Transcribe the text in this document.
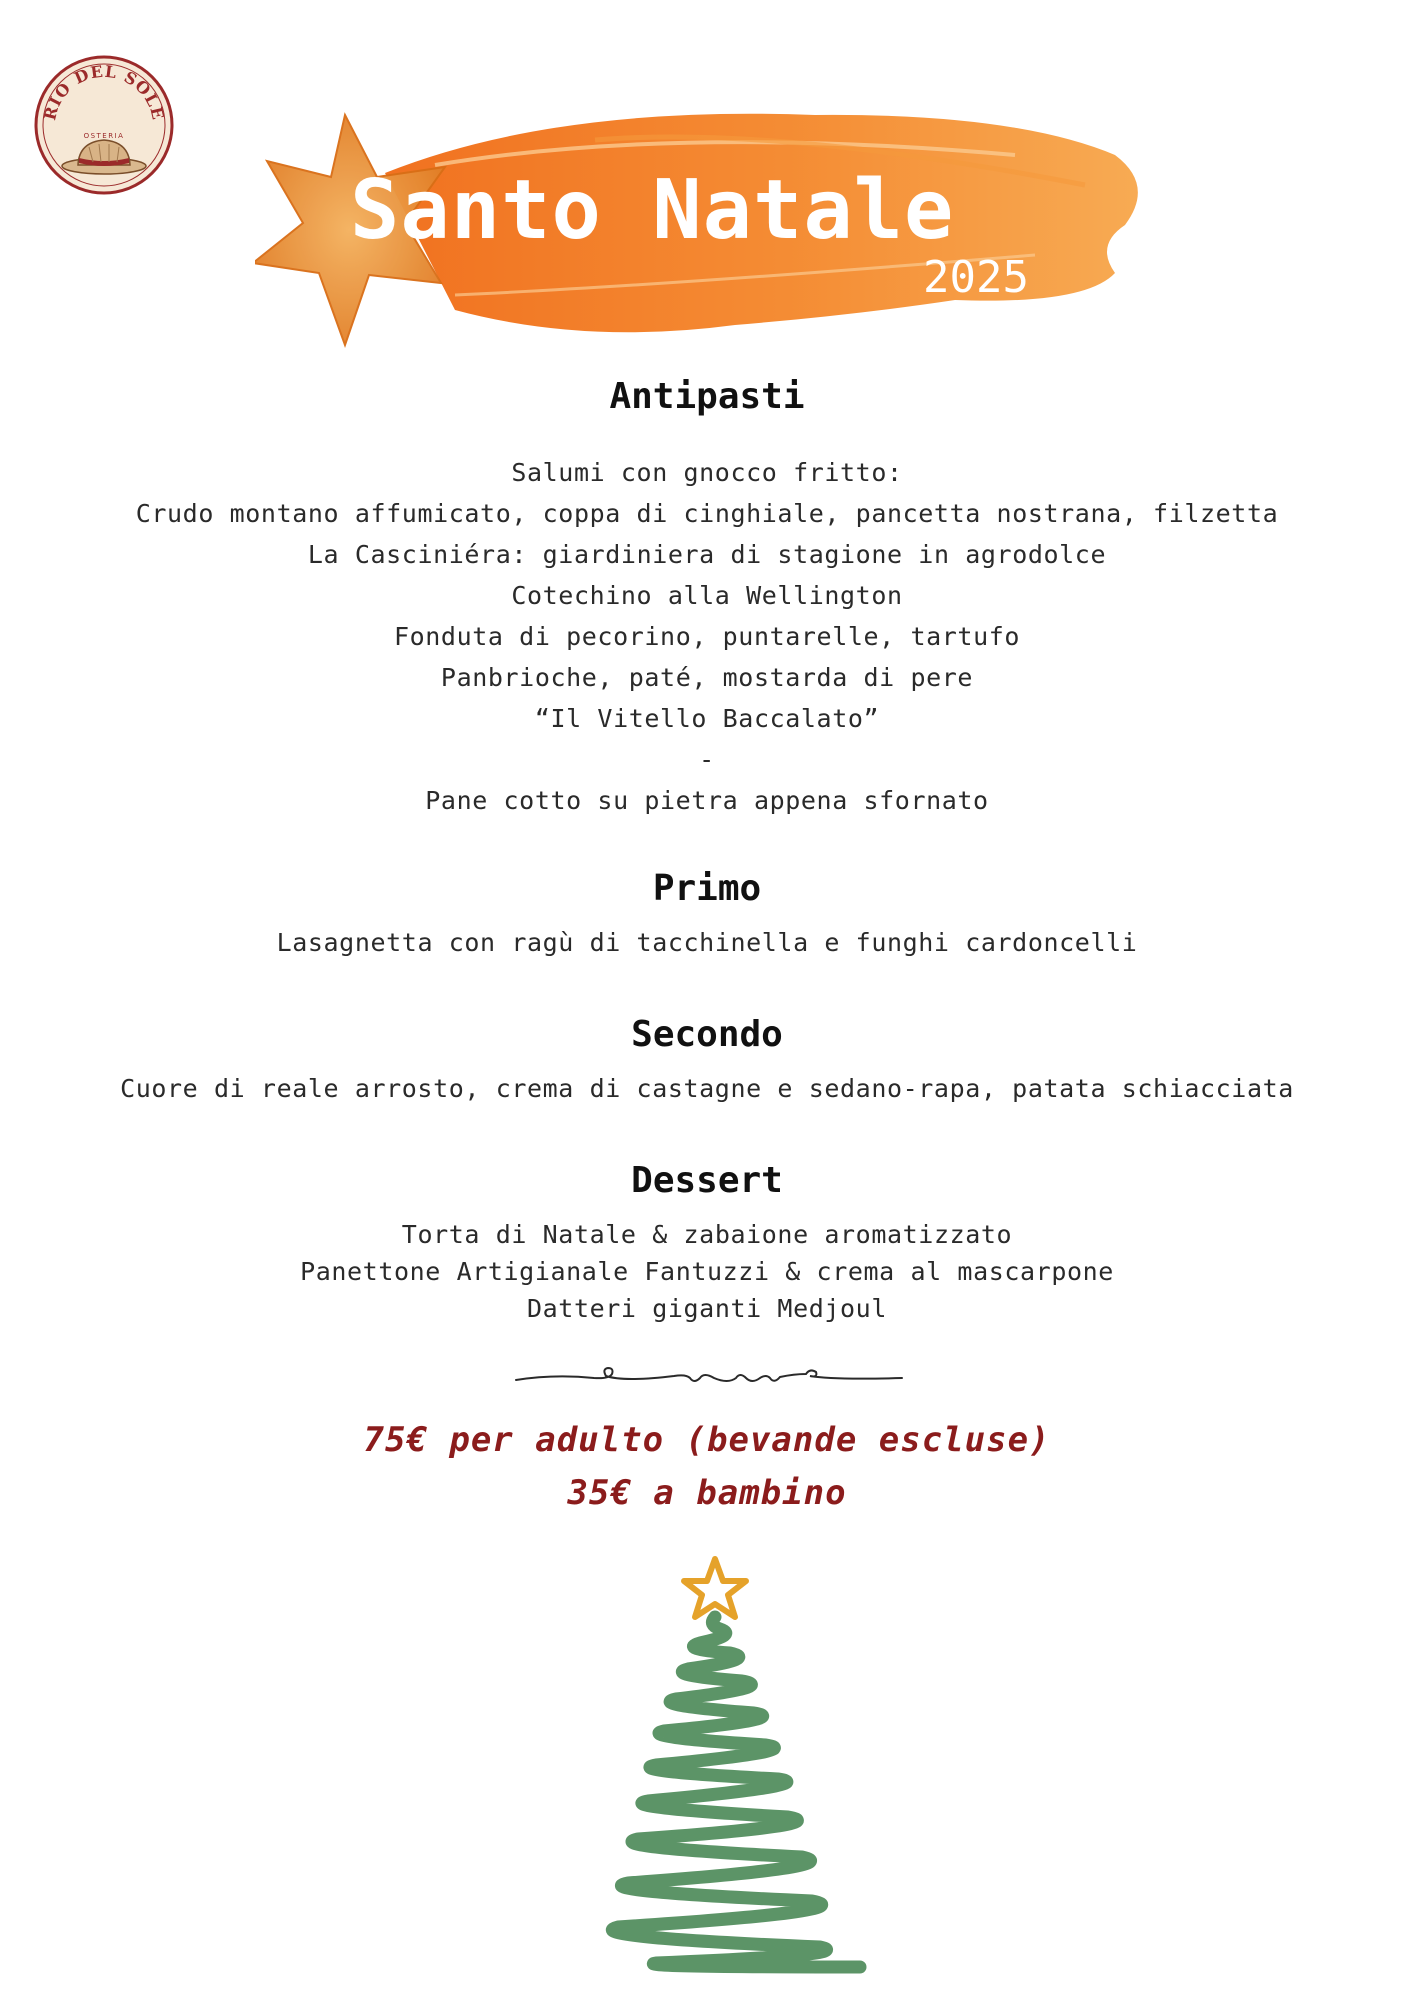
RIO DEL SOLE
OSTERIA
Santo Natale
2025
Antipasti
Salumi con gnocco fritto:
Crudo montano affumicato, coppa di cinghiale, pancetta nostrana, filzetta
La Casciniéra: giardiniera di stagione in agrodolce
Cotechino alla Wellington
Fonduta di pecorino, puntarelle, tartufo
Panbrioche, paté, mostarda di pere
“Il Vitello Baccalato”
-
Pane cotto su pietra appena sfornato
Primo
Lasagnetta con ragù di tacchinella e funghi cardoncelli
Secondo
Cuore di reale arrosto, crema di castagne e sedano-rapa, patata schiacciata
Dessert
Torta di Natale & zabaione aromatizzato
Panettone Artigianale Fantuzzi & crema al mascarpone
Datteri giganti Medjoul
75€ per adulto (bevande escluse)
35€ a bambino
